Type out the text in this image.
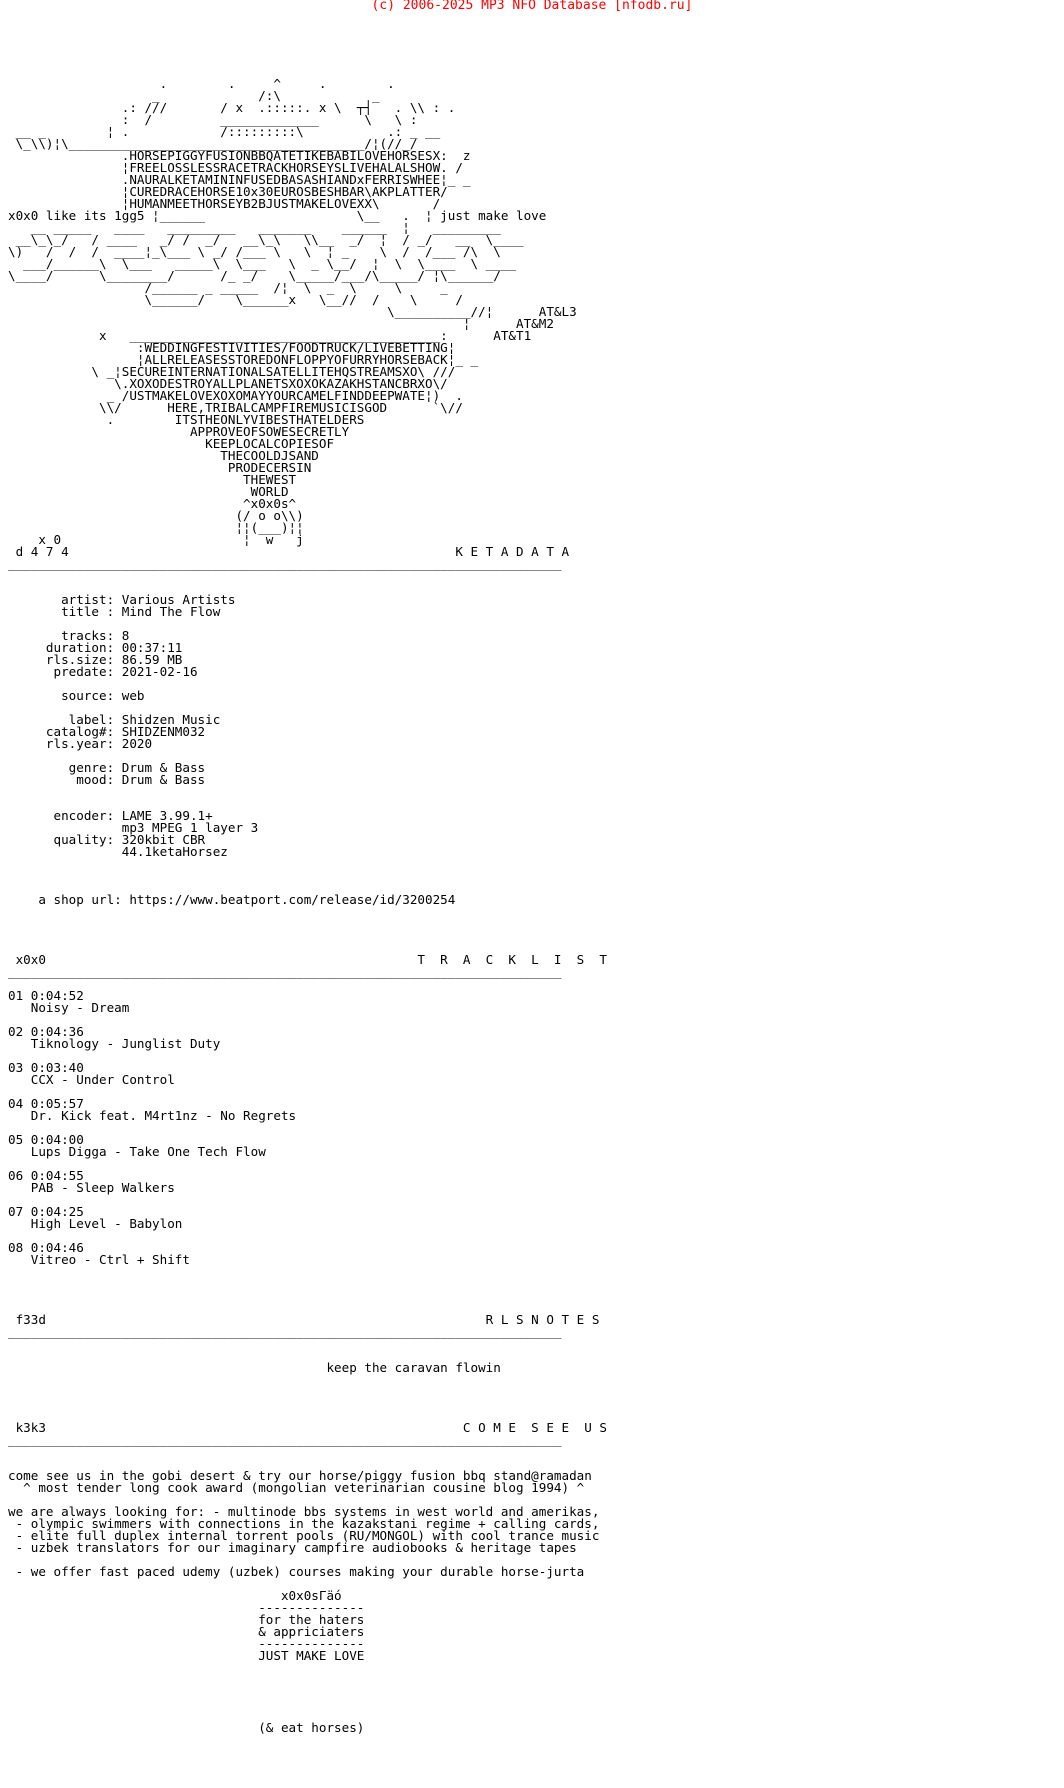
(c) 2006-2025 MP3 NFO Database [nfodb.ru]
.        .     ^     .        .
_             /:\            _
.: ///       / x  .:::::. x \  ┬┤   . \\ : .
:  /         _____________      \   \ :
__ _        ¦ .            /:::::::::\           .: _ __
\_\\)¦\_______________________________________/¦(//_/
.HORSEPIGGYFUSIONBBQATETIKEBABILOVEHORSESX:  z
¦FREELOSSLESSRACETRACKHORSEYSLIVEHALALSHOW. /
.NAURALKETAMININFUSEDBASASHIANDxFERRISWHEE¦_ _
¦CUREDRACEHORSE10x30EUROSBESHBAR\AKPLATTER/
¦HUMANMEETHORSEYB2BJUSTMAKELOVEXX\       /
x0x0 like its 1gg5 ¦______                    \__   .  ¦ just make love
__ _____   ____   _________   _______    ______  ¦   _________
__\_\_/   / ____   _/ /  _/   __\_\   \\__  _/  ¦  / _/   __  \____
\)   /  /  /  ____¦_\___ \ _/ /___ \   \  ¦ _    \  /  /___ /\  \
___/______\  \___   _____\  \___   \  _ \__/  ¦  \  \____  \ ____
\____/      \________/      /_ _/    \_____/___/\_____/ ¦\______/
/______ _ _____  /¦  \  _  \     \     _
\______/    \______x   \__//  /    \     /
\__________//¦      AT&L3
¦      AT&M2
x   _________________________________________:      AT&T1
:WEDDINGFESTIVITIES/FOODTRUCK/LIVEBETTING¦
¦ALLRELEASESSTOREDONFLOPPYOFURRYHORSEBACK¦_ _
\ _¦SECUREINTERNATIONALSATELLITEHQSTREAMSXO\ ///
\.XOXODESTROYALLPLANETSXOXOKAZAKHSTANCBRXO\/
_ /USTMAKELOVEXOXOMAYYOURCAMELFINDDEEPWATE¦)  .
\\/      HERE,TRIBALCAMPFIREMUSICISGOD      `\//
.        ITSTHEONLYVIBESTHATELDERS
APPROVEOFSOWESECRETLY
KEEPLOCALCOPIESOF
THECOOLDJSAND
PRODECERSIN
THEWEST
WORLD
^x0x0s^
(/ o o\\)
¦¦(___)¦¦
x 0                        ¦  w   j
d 4 7 4                                                   K E T A D A T A
_________________________________________________________________________

artist: Various Artists
title : Mind The Flow

tracks: 8
duration: 00:37:11
rls.size: 86.59 MB
predate: 2021-02-16

source: web

label: Shidzen Music
catalog#: SHIDZENM032
rls.year: 2020

genre: Drum & Bass
mood: Drum & Bass

encoder: LAME 3.99.1+
mp3 MPEG 1 layer 3
quality: 320kbit CBR
44.1ketaHorsez

a shop url: https://www.beatport.com/release/id/3200254

x0x0                                                 T  R  A  C  K  L  I  S  T
_________________________________________________________________________

01 0:04:52
Noisy - Dream

02 0:04:36
Tiknology - Junglist Duty

03 0:03:40
CCX - Under Control

04 0:05:57
Dr. Kick feat. M4rt1nz - No Regrets

05 0:04:00
Lups Digga - Take One Tech Flow

06 0:04:55
PAB - Sleep Walkers

07 0:04:25
High Level - Babylon

08 0:04:46
Vitreo - Ctrl + Shift

f33d                                                          R L S N O T E S
_________________________________________________________________________

keep the caravan flowin

k3k3                                                       C O M E  S E E  U S
_________________________________________________________________________

come see us in the gobi desert & try our horse/piggy fusion bbq stand@ramadan
^ most tender long cook award (mongolian veterinarian cousine blog 1994) ^

we are always looking for: - multinode bbs systems in west world and amerikas,
- olympic swimmers with connections in the kazakstani regime + calling cards,
- elite full duplex internal torrent pools (RU/MONGOL) with cool trance music
- uzbek translators for our imaginary campfire audiobooks & heritage tapes

- we offer fast paced udemy (uzbek) courses making your durable horse-jurta

x0x0sГäó
--------------
for the haters
& appriciaters
--------------
JUST MAKE LOVE

(& eat horses)
